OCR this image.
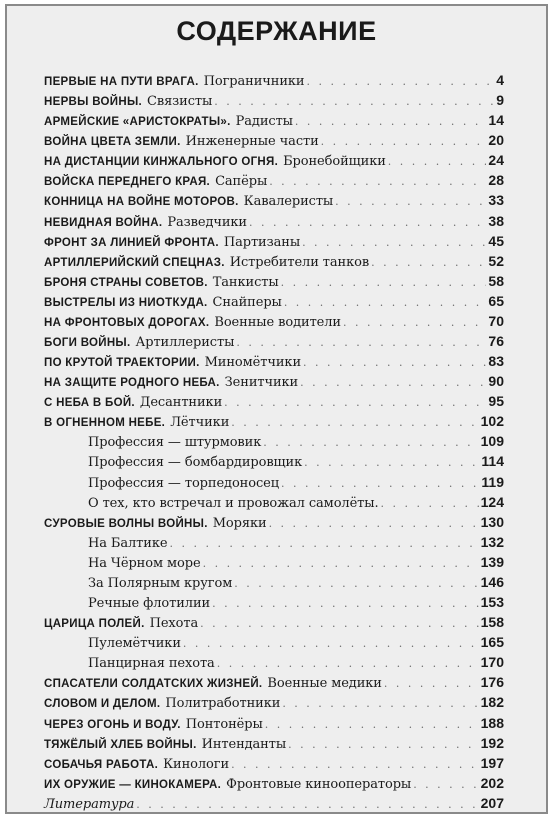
СОДЕРЖАНИЕ
ПЕРВЫЕ НА ПУТИ ВРАГА. Пограничники . . .	4
НЕРВЫ ВОЙНЫ. Связисты . . .	9
АРМЕЙСКИЕ «АРИСТОКРАТЫ». Радисты . . .	14
ВОЙНА ЦВЕТА ЗЕМЛИ. Инженерные части . . .	20
НА ДИСТАНЦИИ КИНЖАЛЬНОГО ОГНЯ. Бронебойщики . . .	24
ВОЙСКА ПЕРЕДНЕГО КРАЯ. Сапёры . . .	28
КОННИЦА НА ВОЙНЕ МОТОРОВ. Кавалеристы . . .	33
НЕВИДНАЯ ВОЙНА. Разведчики . . .	38
ФРОНТ ЗА ЛИНИЕЙ ФРОНТА. Партизаны . . .	45
АРТИЛЛЕРИЙСКИЙ СПЕЦНАЗ. Истребители танков . . .	52
БРОНЯ СТРАНЫ СОВЕТОВ. Танкисты . . .	58
ВЫСТРЕЛЫ ИЗ НИОТКУДА. Снайперы . . .	65
НА ФРОНТОВЫХ ДОРОГАХ. Военные водители . . .	70
БОГИ ВОЙНЫ. Артиллеристы . . .	76
ПО КРУТОЙ ТРАЕКТОРИИ. Миномётчики . . .	83
НА ЗАЩИТЕ РОДНОГО НЕБА. Зенитчики . . .	90
С НЕБА В БОЙ. Десантники . . .	95
В ОГНЕННОМ НЕБЕ. Лётчики . . .	102
Профессия — штурмовик . . .	109
Профессия — бомбардировщик . . .	114
Профессия — торпедоносец . . .	119
О тех, кто встречал и провожал самолёты. . . .	124
СУРОВЫЕ ВОЛНЫ ВОЙНЫ. Моряки . . .	130
На Балтике . . .	132
На Чёрном море . . .	139
За Полярным кругом . . .	146
Речные флотилии . . .	153
ЦАРИЦА ПОЛЕЙ. Пехота . . .	158
Пулемётчики . . .	165
Панцирная пехота . . .	170
СПАСАТЕЛИ СОЛДАТСКИХ ЖИЗНЕЙ. Военные медики . . .	176
СЛОВОМ И ДЕЛОМ. Политработники . . .	182
ЧЕРЕЗ ОГОНЬ И ВОДУ. Понтонёры . . .	188
ТЯЖЁЛЫЙ ХЛЕБ ВОЙНЫ. Интенданты . . .	192
СОБАЧЬЯ РАБОТА. Кинологи . . .	197
ИХ ОРУЖИЕ — КИНОКАМЕРА. Фронтовые кинооператоры . . .	202
Литература . . .	207
